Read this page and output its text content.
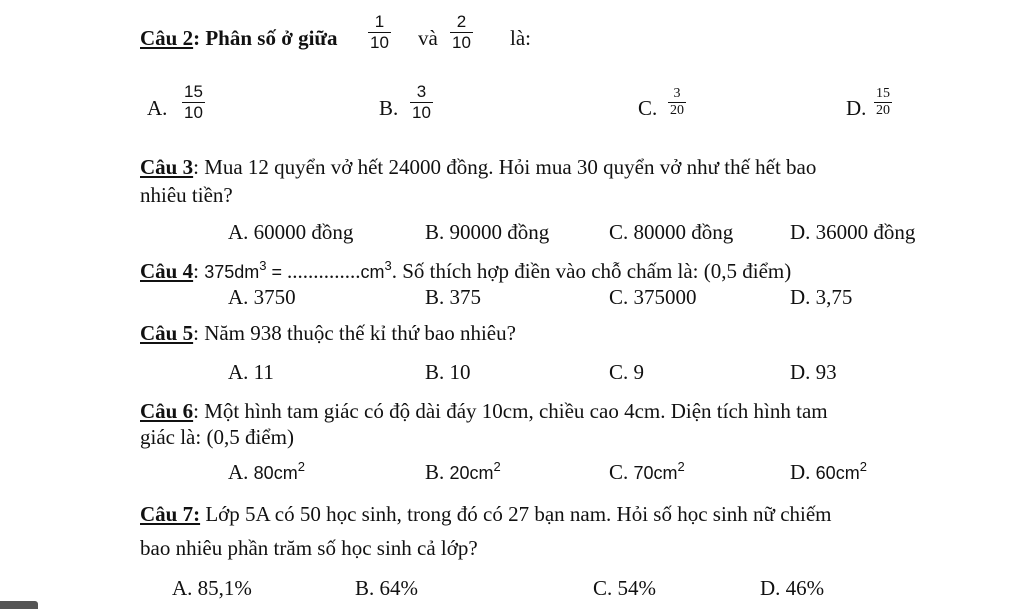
Câu 2: Phân số ở giữa $\frac{1}{10}$ và $\frac{2}{10}$ là:
A. $\frac{15}{10}$	B. $\frac{3}{10}$	C. $\frac{3}{20}$	D. $\frac{15}{20}$
Câu 3: Mua 12 quyển vở hết 24000 đồng. Hỏi mua 30 quyển vở như thế hết bao
nhiêu tiền?
A. 60000 đồng	B. 90000 đồng	C. 80000 đồng	D. 36000 đồng
Câu 4: $375dm^3 = ..............cm^3$. Số thích hợp điền vào chỗ chấm là: (0,5 điểm)
A. 3750	B. 375	C. 375000	D. 3,75
Câu 5: Năm 938 thuộc thế kỉ thứ bao nhiêu?
A. 11	B. 10	C. 9	D. 93
Câu 6: Một hình tam giác có độ dài đáy 10cm, chiều cao 4cm. Diện tích hình tam
giác là: (0,5 điểm)
A. $80cm^2$	B. $20cm^2$	C. $70cm^2$	D. $60cm^2$
Câu 7: Lớp 5A có 50 học sinh, trong đó có 27 bạn nam. Hỏi số học sinh nữ chiếm
bao nhiêu phần trăm số học sinh cả lớp?
A. 85,1%	B. 64%	C. 54%	D. 46%
